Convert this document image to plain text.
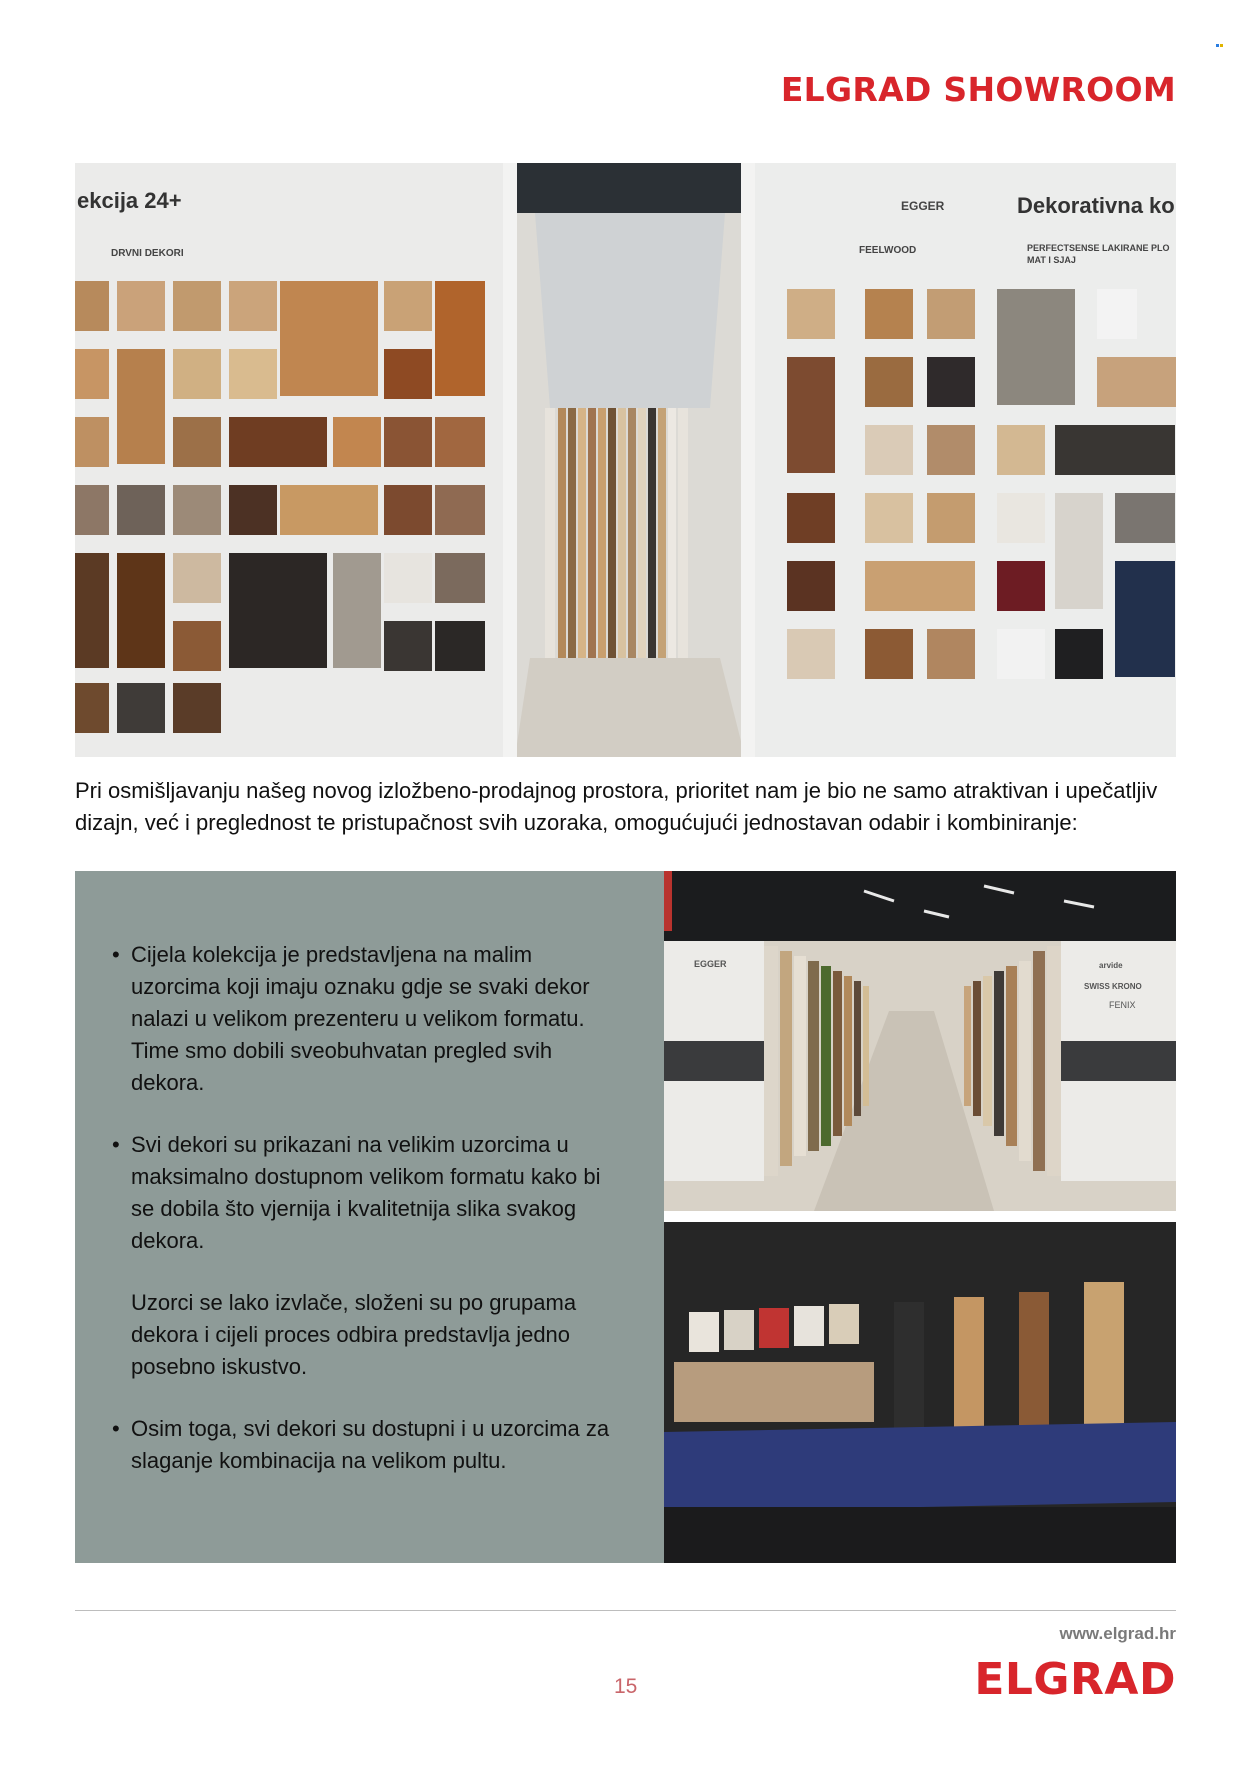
ELGRAD SHOWROOM
ekcija 24+
DRVNI DEKORI
EGGER	Dekorativna ko
FEELWOOD	PERFECTSENSE LAKIRANE PLO
MAT I SJAJ

Pri osmišljavanju našeg novog izložbeno-prodajnog prostora, prioritet nam je bio ne samo atraktivan i upečatljiv dizajn, već i preglednost te pristupačnost svih uzoraka, omogućujući jednostavan odabir i kombiniranje:

• Cijela kolekcija je predstavljena na malim uzorcima koji imaju oznaku gdje se svaki dekor nalazi u velikom prezenteru u velikom formatu. Time smo dobili sveobuhvatan pregled svih dekora.
• Svi dekori su prikazani na velikim uzorcima u maksimalno dostupnom velikom formatu kako bi se dobila što vjernija i kvalitetnija slika svakog dekora.
Uzorci se lako izvlače, složeni su po grupama dekora i cijeli proces odbira predstavlja jedno posebno iskustvo.
• Osim toga, svi dekori su dostupni i u uzorcima za slaganje kombinacija na velikom pultu.
EGGER	arvide
SWISS KRONO
FENIX
www.elgrad.hr
15	ELGRAD
